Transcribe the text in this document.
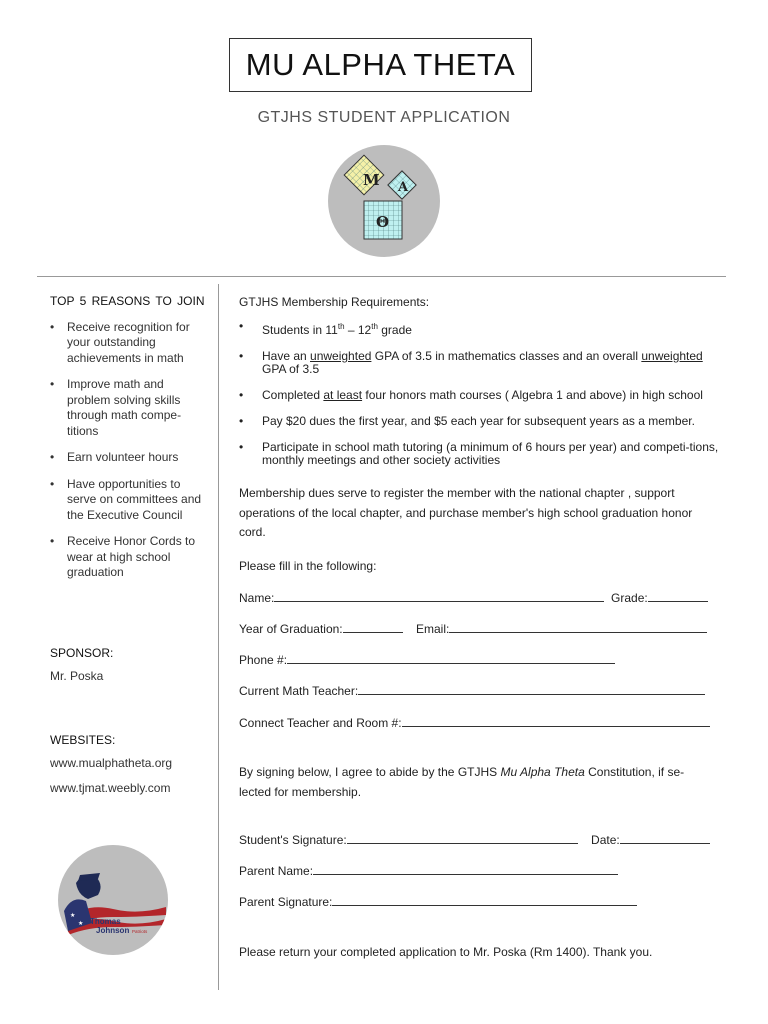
MU ALPHA THETA
GTJHS STUDENT APPLICATION
M A
Θ
TOP 5 REASONS TO JOIN
• Receive recognition for your outstanding achievements in math
• Improve math and problem solving skills through math compe-titions
• Earn volunteer hours
• Have opportunities to serve on committees and the Executive Council
• Receive Honor Cords to wear at high school graduation
SPONSOR:
Mr. Poska
WEBSITES:
www.mualphatheta.org
www.tjmat.weebly.com
★
★ Thomas
Johnson Patriots
GTJHS Membership Requirements:
• Students in 11th – 12th grade
• Have an unweighted GPA of 3.5 in mathematics classes and an overall unweighted GPA of 3.5
• Completed at least four honors math courses ( Algebra 1 and above) in high school
• Pay $20 dues the first year, and $5 each year for subsequent years as a member.
• Participate in school math tutoring (a minimum of 6 hours per year) and competi-tions, monthly meetings and other society activities
Membership dues serve to register the member with the national chapter , support operations of the local chapter, and purchase member's high school graduation honor cord.
Please fill in the following:
Name:	Grade:
Year of Graduation:	Email:
Phone #:
Current Math Teacher:
Connect Teacher and Room #:
By signing below, I agree to abide by the GTJHS Mu Alpha Theta Constitution, if se-lected for membership.
Student's Signature:	Date:
Parent Name:
Parent Signature:
Please return your completed application to Mr. Poska (Rm 1400). Thank you.
